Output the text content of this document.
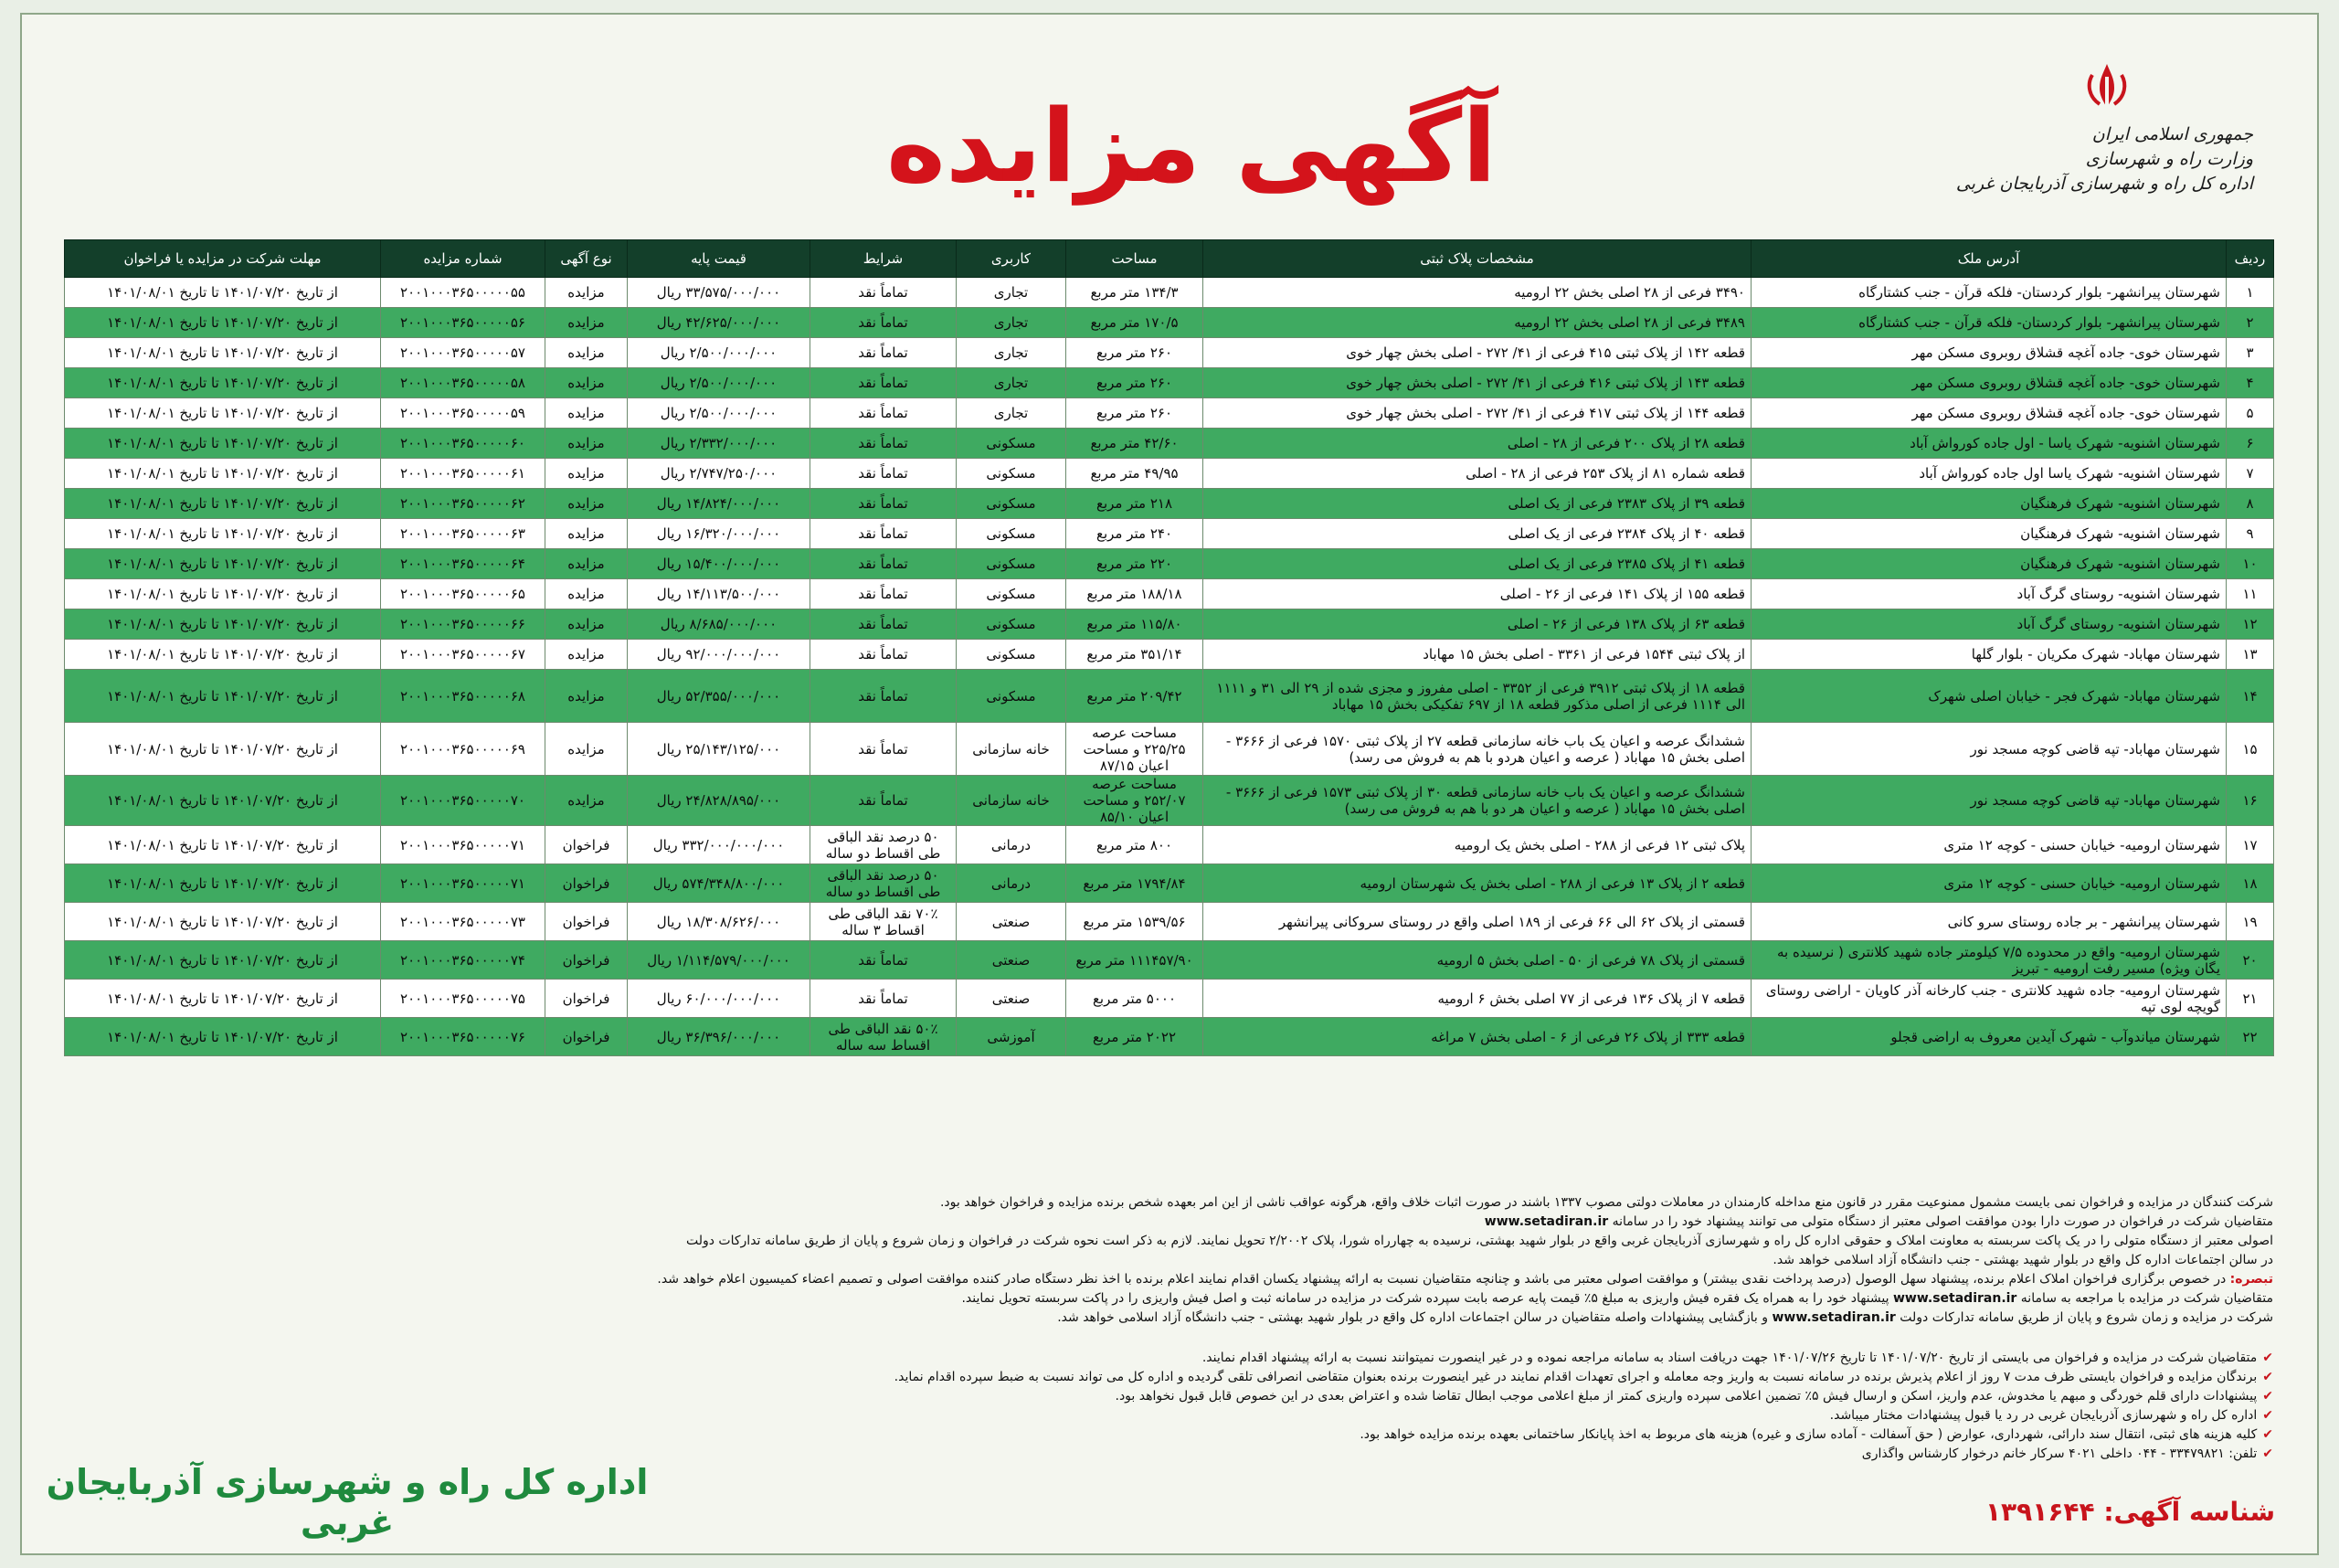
جمهوری اسلامی ایران
وزارت راه و شهرسازی
اداره کل راه و شهرسازی آذربایجان غربی
آگهی مزایده
ردیف	آدرس ملک	مشخصات پلاک ثبتی	مساحت	کاربری	شرایط	قیمت پایه	نوع آگهی	شماره مزایده	مهلت شرکت در مزایده یا فراخوان
۱	شهرستان پیرانشهر- بلوار کردستان- فلکه قرآن - جنب کشتارگاه	۳۴۹۰ فرعی از ۲۸ اصلی بخش ۲۲ ارومیه	۱۳۴/۳ متر مربع	تجاری	تماماً نقد	۳۳/۵۷۵/۰۰۰/۰۰۰ ریال	مزایده	۲۰۰۱۰۰۰۳۶۵۰۰۰۰۰۵۵	از تاریخ ۱۴۰۱/۰۷/۲۰ تا تاریخ ۱۴۰۱/۰۸/۰۱
۲	شهرستان پیرانشهر- بلوار کردستان- فلکه قرآن - جنب کشتارگاه	۳۴۸۹ فرعی از ۲۸ اصلی بخش ۲۲ ارومیه	۱۷۰/۵ متر مربع	تجاری	تماماً نقد	۴۲/۶۲۵/۰۰۰/۰۰۰ ریال	مزایده	۲۰۰۱۰۰۰۳۶۵۰۰۰۰۰۵۶	از تاریخ ۱۴۰۱/۰۷/۲۰ تا تاریخ ۱۴۰۱/۰۸/۰۱
۳	شهرستان خوی- جاده آغچه قشلاق روبروی مسکن مهر	قطعه ۱۴۲ از پلاک ثبتی ۴۱۵ فرعی از ۴۱/ ۲۷۲ - اصلی بخش چهار خوی	۲۶۰ متر مربع	تجاری	تماماً نقد	۲/۵۰۰/۰۰۰/۰۰۰ ریال	مزایده	۲۰۰۱۰۰۰۳۶۵۰۰۰۰۰۵۷	از تاریخ ۱۴۰۱/۰۷/۲۰ تا تاریخ ۱۴۰۱/۰۸/۰۱
۴	شهرستان خوی- جاده آغچه قشلاق روبروی مسکن مهر	قطعه ۱۴۳ از پلاک ثبتی ۴۱۶ فرعی از ۴۱/ ۲۷۲ - اصلی بخش چهار خوی	۲۶۰ متر مربع	تجاری	تماماً نقد	۲/۵۰۰/۰۰۰/۰۰۰ ریال	مزایده	۲۰۰۱۰۰۰۳۶۵۰۰۰۰۰۵۸	از تاریخ ۱۴۰۱/۰۷/۲۰ تا تاریخ ۱۴۰۱/۰۸/۰۱
۵	شهرستان خوی- جاده آغچه قشلاق روبروی مسکن مهر	قطعه ۱۴۴ از پلاک ثبتی ۴۱۷ فرعی از ۴۱/ ۲۷۲ - اصلی بخش چهار خوی	۲۶۰ متر مربع	تجاری	تماماً نقد	۲/۵۰۰/۰۰۰/۰۰۰ ریال	مزایده	۲۰۰۱۰۰۰۳۶۵۰۰۰۰۰۵۹	از تاریخ ۱۴۰۱/۰۷/۲۰ تا تاریخ ۱۴۰۱/۰۸/۰۱
۶	شهرستان اشنویه- شهرک یاسا - اول جاده کورواش آباد	قطعه ۲۸ از پلاک ۲۰۰ فرعی از ۲۸ - اصلی	۴۲/۶۰ متر مربع	مسکونی	تماماً نقد	۲/۳۳۲/۰۰۰/۰۰۰ ریال	مزایده	۲۰۰۱۰۰۰۳۶۵۰۰۰۰۰۶۰	از تاریخ ۱۴۰۱/۰۷/۲۰ تا تاریخ ۱۴۰۱/۰۸/۰۱
۷	شهرستان اشنویه- شهرک یاسا اول جاده کورواش آباد	قطعه شماره ۸۱ از پلاک ۲۵۳ فرعی از ۲۸ - اصلی	۴۹/۹۵ متر مربع	مسکونی	تماماً نقد	۲/۷۴۷/۲۵۰/۰۰۰ ریال	مزایده	۲۰۰۱۰۰۰۳۶۵۰۰۰۰۰۶۱	از تاریخ ۱۴۰۱/۰۷/۲۰ تا تاریخ ۱۴۰۱/۰۸/۰۱
۸	شهرستان اشنویه- شهرک فرهنگیان	قطعه ۳۹ از پلاک ۲۳۸۳ فرعی از یک اصلی	۲۱۸ متر مربع	مسکونی	تماماً نقد	۱۴/۸۲۴/۰۰۰/۰۰۰ ریال	مزایده	۲۰۰۱۰۰۰۳۶۵۰۰۰۰۰۶۲	از تاریخ ۱۴۰۱/۰۷/۲۰ تا تاریخ ۱۴۰۱/۰۸/۰۱
۹	شهرستان اشنویه- شهرک فرهنگیان	قطعه ۴۰ از پلاک ۲۳۸۴ فرعی از یک اصلی	۲۴۰ متر مربع	مسکونی	تماماً نقد	۱۶/۳۲۰/۰۰۰/۰۰۰ ریال	مزایده	۲۰۰۱۰۰۰۳۶۵۰۰۰۰۰۶۳	از تاریخ ۱۴۰۱/۰۷/۲۰ تا تاریخ ۱۴۰۱/۰۸/۰۱
۱۰	شهرستان اشنویه- شهرک فرهنگیان	قطعه ۴۱ از پلاک ۲۳۸۵ فرعی از یک اصلی	۲۲۰ متر مربع	مسکونی	تماماً نقد	۱۵/۴۰۰/۰۰۰/۰۰۰ ریال	مزایده	۲۰۰۱۰۰۰۳۶۵۰۰۰۰۰۶۴	از تاریخ ۱۴۰۱/۰۷/۲۰ تا تاریخ ۱۴۰۱/۰۸/۰۱
۱۱	شهرستان اشنویه- روستای گرگ آباد	قطعه ۱۵۵ از پلاک ۱۴۱ فرعی از ۲۶ - اصلی	۱۸۸/۱۸ متر مربع	مسکونی	تماماً نقد	۱۴/۱۱۳/۵۰۰/۰۰۰ ریال	مزایده	۲۰۰۱۰۰۰۳۶۵۰۰۰۰۰۶۵	از تاریخ ۱۴۰۱/۰۷/۲۰ تا تاریخ ۱۴۰۱/۰۸/۰۱
۱۲	شهرستان اشنویه- روستای گرگ آباد	قطعه ۶۳ از پلاک ۱۳۸ فرعی از ۲۶ - اصلی	۱۱۵/۸۰ متر مربع	مسکونی	تماماً نقد	۸/۶۸۵/۰۰۰/۰۰۰ ریال	مزایده	۲۰۰۱۰۰۰۳۶۵۰۰۰۰۰۶۶	از تاریخ ۱۴۰۱/۰۷/۲۰ تا تاریخ ۱۴۰۱/۰۸/۰۱
۱۳	شهرستان مهاباد- شهرک مکریان - بلوار گلها	از پلاک ثبتی ۱۵۴۴ فرعی از ۳۳۶۱ - اصلی بخش ۱۵ مهاباد	۳۵۱/۱۴ متر مربع	مسکونی	تماماً نقد	۹۲/۰۰۰/۰۰۰/۰۰۰ ریال	مزایده	۲۰۰۱۰۰۰۳۶۵۰۰۰۰۰۶۷	از تاریخ ۱۴۰۱/۰۷/۲۰ تا تاریخ ۱۴۰۱/۰۸/۰۱
۱۴	شهرستان مهاباد- شهرک فجر - خیابان اصلی شهرک	قطعه ۱۸ از پلاک ثبتی ۳۹۱۲ فرعی از ۳۳۵۲ - اصلی مفروز و مجزی شده از ۲۹ الی ۳۱ و ۱۱۱۱ الی ۱۱۱۴ فرعی از اصلی مذکور قطعه ۱۸ از ۶۹۷ تفکیکی بخش ۱۵ مهاباد	۲۰۹/۴۲ متر مربع	مسکونی	تماماً نقد	۵۲/۳۵۵/۰۰۰/۰۰۰ ریال	مزایده	۲۰۰۱۰۰۰۳۶۵۰۰۰۰۰۶۸	از تاریخ ۱۴۰۱/۰۷/۲۰ تا تاریخ ۱۴۰۱/۰۸/۰۱
۱۵	شهرستان مهاباد- تپه قاضی کوچه مسجد نور	ششدانگ عرصه و اعیان یک باب خانه سازمانی قطعه ۲۷ از پلاک ثبتی ۱۵۷۰ فرعی از ۳۶۶۶ - اصلی بخش ۱۵ مهاباد ( عرصه و اعیان هردو با هم به فروش می رسد)	مساحت عرصه ۲۲۵/۲۵ و مساحت اعیان ۸۷/۱۵	خانه سازمانی	تماماً نقد	۲۵/۱۴۳/۱۲۵/۰۰۰ ریال	مزایده	۲۰۰۱۰۰۰۳۶۵۰۰۰۰۰۶۹	از تاریخ ۱۴۰۱/۰۷/۲۰ تا تاریخ ۱۴۰۱/۰۸/۰۱
۱۶	شهرستان مهاباد- تپه قاضی کوچه مسجد نور	ششدانگ عرصه و اعیان یک باب خانه سازمانی قطعه ۳۰ از پلاک ثبتی ۱۵۷۳ فرعی از ۳۶۶۶ - اصلی بخش ۱۵ مهاباد ( عرصه و اعیان هر دو با هم به فروش می رسد)	مساحت عرصه ۲۵۲/۰۷ و مساحت اعیان ۸۵/۱۰	خانه سازمانی	تماماً نقد	۲۴/۸۲۸/۸۹۵/۰۰۰ ریال	مزایده	۲۰۰۱۰۰۰۳۶۵۰۰۰۰۰۷۰	از تاریخ ۱۴۰۱/۰۷/۲۰ تا تاریخ ۱۴۰۱/۰۸/۰۱
۱۷	شهرستان ارومیه- خیابان حسنی - کوچه ۱۲ متری	پلاک ثبتی ۱۲ فرعی از ۲۸۸ - اصلی بخش یک ارومیه	۸۰۰ متر مربع	درمانی	۵۰ درصد نقد الباقی طی اقساط دو ساله	۳۳۲/۰۰۰/۰۰۰/۰۰۰ ریال	فراخوان	۲۰۰۱۰۰۰۳۶۵۰۰۰۰۰۷۱	از تاریخ ۱۴۰۱/۰۷/۲۰ تا تاریخ ۱۴۰۱/۰۸/۰۱
۱۸	شهرستان ارومیه- خیابان حسنی - کوچه ۱۲ متری	قطعه ۲ از پلاک ۱۳ فرعی از ۲۸۸ - اصلی بخش یک شهرستان ارومیه	۱۷۹۴/۸۴ متر مربع	درمانی	۵۰ درصد نقد الباقی طی اقساط دو ساله	۵۷۴/۳۴۸/۸۰۰/۰۰۰ ریال	فراخوان	۲۰۰۱۰۰۰۳۶۵۰۰۰۰۰۷۱	از تاریخ ۱۴۰۱/۰۷/۲۰ تا تاریخ ۱۴۰۱/۰۸/۰۱
۱۹	شهرستان پیرانشهر - بر جاده روستای سرو کانی	قسمتی از پلاک ۶۲ الی ۶۶ فرعی از ۱۸۹ اصلی واقع در روستای سروکانی پیرانشهر	۱۵۳۹/۵۶ متر مربع	صنعتی	۷۰٪ نقد الباقی طی اقساط ۳ ساله	۱۸/۳۰۸/۶۲۶/۰۰۰ ریال	فراخوان	۲۰۰۱۰۰۰۳۶۵۰۰۰۰۰۷۳	از تاریخ ۱۴۰۱/۰۷/۲۰ تا تاریخ ۱۴۰۱/۰۸/۰۱
۲۰	شهرستان ارومیه- واقع در محدوده ۷/۵ کیلومتر جاده شهید کلانتری ( نرسیده به یگان ویژه) مسیر رفت ارومیه - تبریز	قسمتی از پلاک ۷۸ فرعی از ۵۰ - اصلی بخش ۵ ارومیه	۱۱۱۴۵۷/۹۰ متر مربع	صنعتی	تماماً نقد	۱/۱۱۴/۵۷۹/۰۰۰/۰۰۰ ریال	فراخوان	۲۰۰۱۰۰۰۳۶۵۰۰۰۰۰۷۴	از تاریخ ۱۴۰۱/۰۷/۲۰ تا تاریخ ۱۴۰۱/۰۸/۰۱
۲۱	شهرستان ارومیه- جاده شهید کلانتری - جنب کارخانه آذر کاویان - اراضی روستای گویچه لوی تپه	قطعه ۷ از پلاک ۱۳۶ فرعی از ۷۷ اصلی بخش ۶ ارومیه	۵۰۰۰ متر مربع	صنعتی	تماماً نقد	۶۰/۰۰۰/۰۰۰/۰۰۰ ریال	فراخوان	۲۰۰۱۰۰۰۳۶۵۰۰۰۰۰۷۵	از تاریخ ۱۴۰۱/۰۷/۲۰ تا تاریخ ۱۴۰۱/۰۸/۰۱
۲۲	شهرستان میاندوآب - شهرک آیدین معروف به اراضی قجلو	قطعه ۳۳۳ از پلاک ۲۶ فرعی از ۶ - اصلی بخش ۷ مراغه	۲۰۲۲ متر مربع	آموزشی	۵۰٪ نقد الباقی طی اقساط سه ساله	۳۶/۳۹۶/۰۰۰/۰۰۰ ریال	فراخوان	۲۰۰۱۰۰۰۳۶۵۰۰۰۰۰۷۶	از تاریخ ۱۴۰۱/۰۷/۲۰ تا تاریخ ۱۴۰۱/۰۸/۰۱

شرکت کنندگان در مزایده و فراخوان نمی بایست مشمول ممنوعیت مقرر در قانون منع مداخله کارمندان در معاملات دولتی مصوب ۱۳۳۷ باشند در صورت اثبات خلاف واقع، هرگونه عواقب ناشی از این امر بعهده شخص برنده مزایده و فراخوان خواهد بود.

متقاضیان شرکت در فراخوان در صورت دارا بودن موافقت اصولی معتبر از دستگاه متولی می توانند پیشنهاد خود را در سامانه www.setadiran.ir

اصولی معتبر از دستگاه متولی را در یک پاکت سربسته به معاونت املاک و حقوقی اداره کل راه و شهرسازی آذربایجان غربی واقع در بلوار شهید بهشتی، نرسیده به چهارراه شورا، پلاک ۲/۲۰۰۲ تحویل نمایند. لازم به ذکر است نحوه شرکت در فراخوان و زمان شروع و پایان از طریق سامانه تدارکات دولت

در سالن اجتماعات اداره کل واقع در بلوار شهید بهشتی - جنب دانشگاه آزاد اسلامی خواهد شد.

تبصره: در خصوص برگزاری فراخوان املاک اعلام برنده، پیشنهاد سهل الوصول (درصد پرداخت نقدی بیشتر) و موافقت اصولی معتبر می باشد و چنانچه متقاضیان نسبت به ارائه پیشنهاد یکسان اقدام نمایند اعلام برنده با اخذ نظر دستگاه صادر کننده موافقت اصولی و تصمیم اعضاء کمیسیون اعلام خواهد شد.

متقاضیان شرکت در مزایده با مراجعه به سامانه www.setadiran.ir پیشنهاد خود را به همراه یک فقره فیش واریزی به مبلغ ۵٪ قیمت پایه عرصه بابت سپرده شرکت در مزایده در سامانه ثبت و اصل فیش واریزی را در پاکت سربسته تحویل نمایند.

شرکت در مزایده و زمان شروع و پایان از طریق سامانه تدارکات دولت www.setadiran.ir و بازگشایی پیشنهادات واصله متقاضیان در سالن اجتماعات اداره کل واقع در بلوار شهید بهشتی - جنب دانشگاه آزاد اسلامی خواهد شد.

✔متقاضیان شرکت در مزایده و فراخوان می بایستی از تاریخ ۱۴۰۱/۰۷/۲۰ تا تاریخ ۱۴۰۱/۰۷/۲۶ جهت دریافت اسناد به سامانه مراجعه نموده و در غیر اینصورت نمیتوانند نسبت به ارائه پیشنهاد اقدام نمایند.

✔برندگان مزایده و فراخوان بایستی ظرف مدت ۷ روز از اعلام پذیرش برنده در سامانه نسبت به واریز وجه معامله و اجرای تعهدات اقدام نمایند در غیر اینصورت برنده بعنوان متقاضی انصرافی تلقی گردیده و اداره کل می تواند نسبت به ضبط سپرده اقدام نماید.

✔پیشنهادات دارای قلم خوردگی و مبهم یا مخدوش، عدم واریز، اسکن و ارسال فیش ۵٪ تضمین اعلامی سپرده واریزی کمتر از مبلغ اعلامی موجب ابطال تقاضا شده و اعتراض بعدی در این خصوص قابل قبول نخواهد بود.

✔اداره کل راه و شهرسازی آذربایجان غربی در رد یا قبول پیشنهادات مختار میباشد.

✔کلیه هزینه های ثبتی، انتقال سند دارائی، شهرداری، عوارض ( حق آسفالت - آماده سازی و غیره) هزینه های مربوط به اخذ پایانکار ساختمانی بعهده برنده مزایده خواهد بود.

✔تلفن: ۳۳۴۷۹۸۲۱ - ۰۴۴ داخلی ۴۰۲۱ سرکار خانم درخوار کارشناس واگذاری

اداره کل راه و شهرسازی آذربایجان غربی	شناسه آگهی: ۱۳۹۱۶۴۴
